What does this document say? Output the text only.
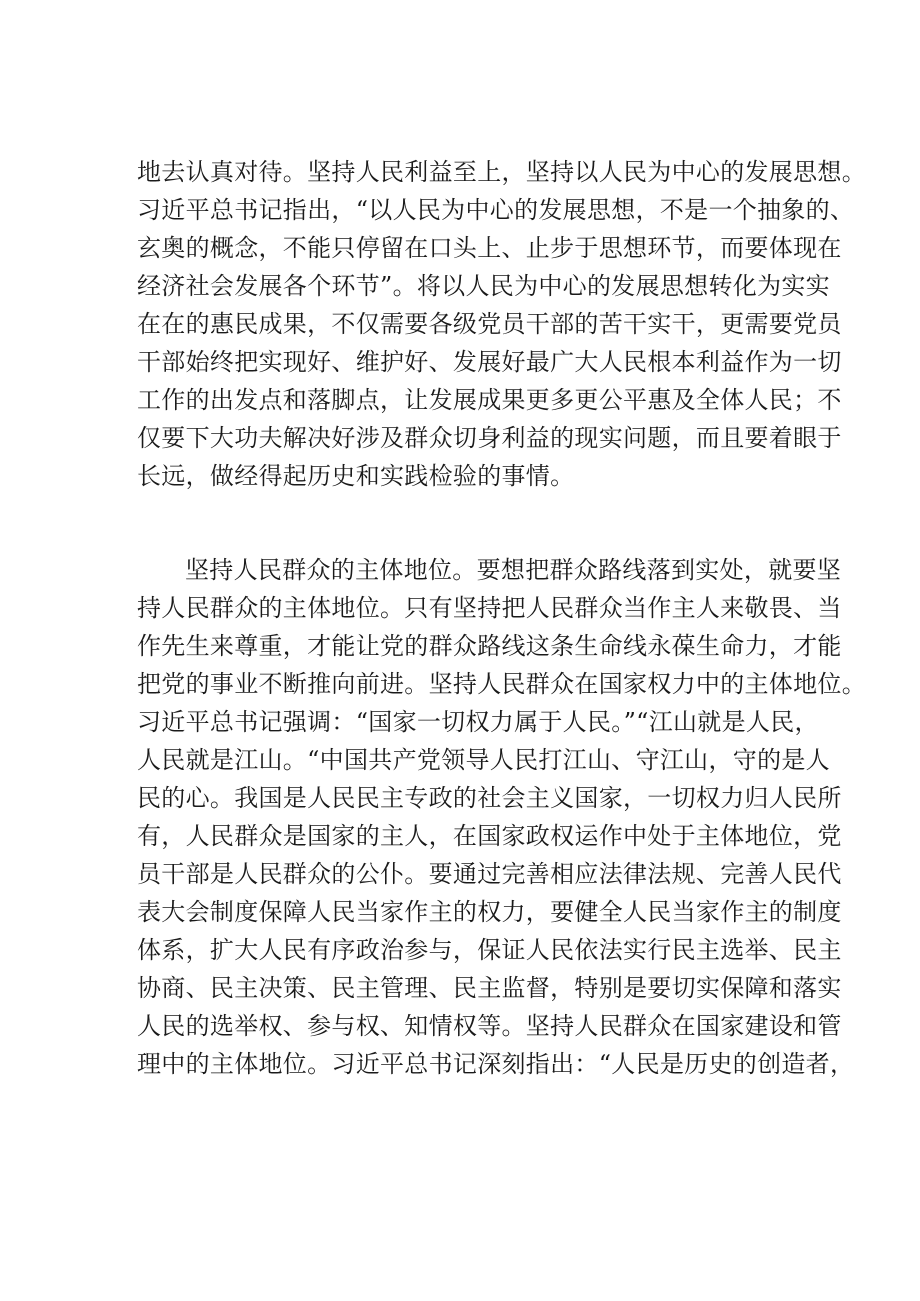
地去认真对待。坚持人民利益至上，坚持以人民为中心的发展思想。
习近平总书记指出，“以人民为中心的发展思想，不是一个抽象的、
玄奥的概念，不能只停留在口头上、止步于思想环节，而要体现在
经济社会发展各个环节”。将以人民为中心的发展思想转化为实实
在在的惠民成果，不仅需要各级党员干部的苦干实干，更需要党员
干部始终把实现好、维护好、发展好最广大人民根本利益作为一切
工作的出发点和落脚点，让发展成果更多更公平惠及全体人民；不
仅要下大功夫解决好涉及群众切身利益的现实问题，而且要着眼于
长远，做经得起历史和实践检验的事情。
坚持人民群众的主体地位。要想把群众路线落到实处，就要坚
持人民群众的主体地位。只有坚持把人民群众当作主人来敬畏、当
作先生来尊重，才能让党的群众路线这条生命线永葆生命力，才能
把党的事业不断推向前进。坚持人民群众在国家权力中的主体地位。
习近平总书记强调：“国家一切权力属于人民。”“江山就是人民，
人民就是江山。“中国共产党领导人民打江山、守江山，守的是人
民的心。我国是人民民主专政的社会主义国家，一切权力归人民所
有，人民群众是国家的主人，在国家政权运作中处于主体地位，党
员干部是人民群众的公仆。要通过完善相应法律法规、完善人民代
表大会制度保障人民当家作主的权力，要健全人民当家作主的制度
体系，扩大人民有序政治参与，保证人民依法实行民主选举、民主
协商、民主决策、民主管理、民主监督，特别是要切实保障和落实
人民的选举权、参与权、知情权等。坚持人民群众在国家建设和管
理中的主体地位。习近平总书记深刻指出：“人民是历史的创造者，
